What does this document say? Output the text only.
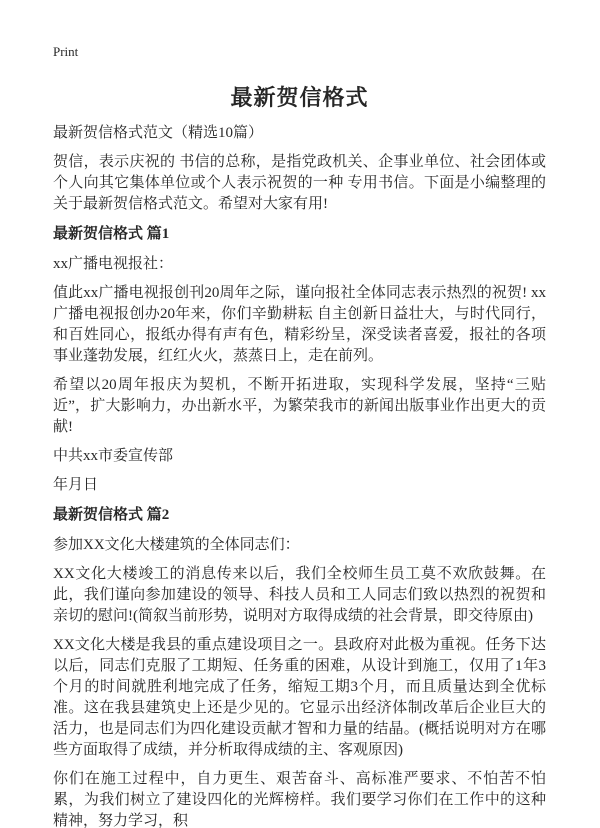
Print
最新贺信格式

最新贺信格式范文（精选10篇）

贺信，表示庆祝的 书信的总称，是指党政机关、企事业单位、社会团体或个人向其它集体单位或个人表示祝贺的一种 专用书信。下面是小编整理的关于最新贺信格式范文。希望对大家有用!

最新贺信格式 篇1

xx广播电视报社：

值此xx广播电视报创刊20周年之际，谨向报社全体同志表示热烈的祝贺! xx广播电视报创办20年来，你们辛勤耕耘 自主创新日益壮大，与时代同行，和百姓同心，报纸办得有声有色，精彩纷呈，深受读者喜爱，报社的各项事业蓬勃发展，红红火火，蒸蒸日上，走在前列。

希望以20周年报庆为契机，不断开拓进取，实现科学发展，坚持“三贴近”，扩大影响力，办出新水平，为繁荣我市的新闻出版事业作出更大的贡献!

中共xx市委宣传部

年月日

最新贺信格式 篇2

参加XX文化大楼建筑的全体同志们：

XX文化大楼竣工的消息传来以后，我们全校师生员工莫不欢欣鼓舞。在此，我们谨向参加建设的领导、科技人员和工人同志们致以热烈的祝贺和亲切的慰问!(简叙当前形势，说明对方取得成绩的社会背景，即交待原由)

XX文化大楼是我县的重点建设项目之一。县政府对此极为重视。任务下达以后，同志们克服了工期短、任务重的困难，从设计到施工，仅用了1年3个月的时间就胜利地完成了任务，缩短工期3个月，而且质量达到全优标准。这在我县建筑史上还是少见的。它显示出经济体制改革后企业巨大的活力，也是同志们为四化建设贡献才智和力量的结晶。(概括说明对方在哪些方面取得了成绩，并分析取得成绩的主、客观原因)

你们在施工过程中，自力更生、艰苦奋斗、高标准严要求、不怕苦不怕累，为我们树立了建设四化的光辉榜样。我们要学习你们在工作中的这种精神，努力学习，积
